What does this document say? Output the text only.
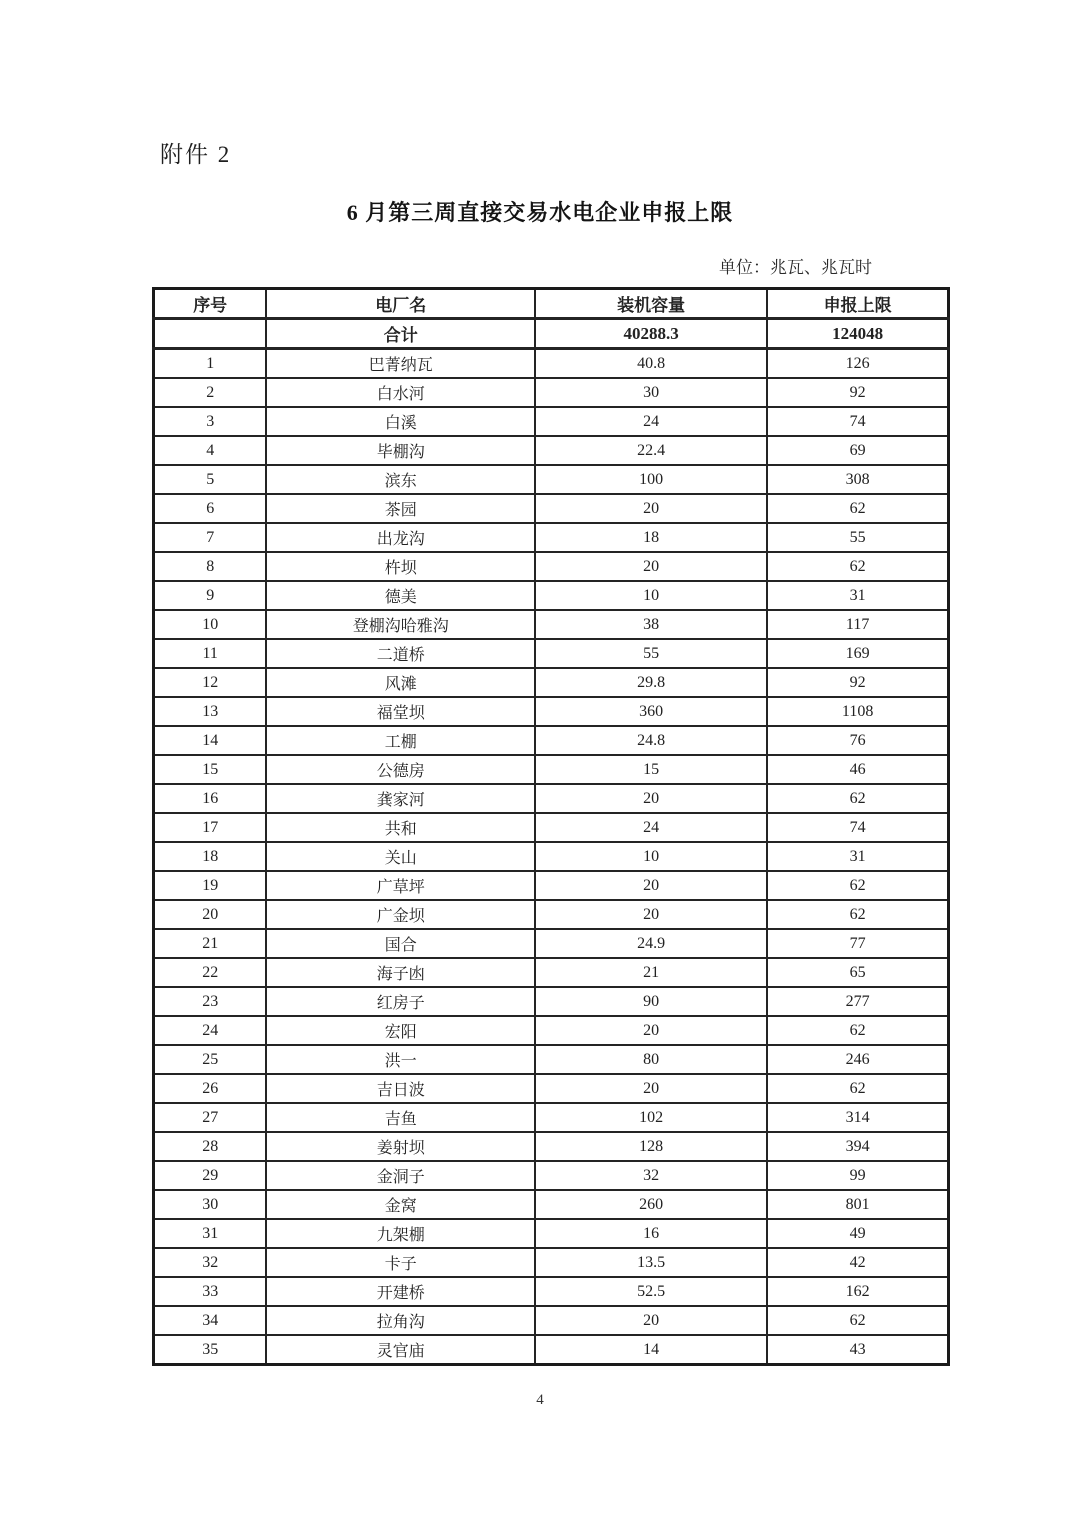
附件 2
6 月第三周直接交易水电企业申报上限
单位：兆瓦、兆瓦时
序号	电厂名	装机容量	申报上限
	合计	40288.3	124048
1	巴菁纳瓦	40.8	126
2	白水河	30	92
3	白溪	24	74
4	毕棚沟	22.4	69
5	滨东	100	308
6	茶园	20	62
7	出龙沟	18	55
8	杵坝	20	62
9	德美	10	31
10	登棚沟哈雅沟	38	117
11	二道桥	55	169
12	风滩	29.8	92
13	福堂坝	360	1108
14	工棚	24.8	76
15	公德房	15	46
16	龚家河	20	62
17	共和	24	74
18	关山	10	31
19	广草坪	20	62
20	广金坝	20	62
21	国合	24.9	77
22	海子凼	21	65
23	红房子	90	277
24	宏阳	20	62
25	洪一	80	246
26	吉日波	20	62
27	吉鱼	102	314
28	姜射坝	128	394
29	金洞子	32	99
30	金窝	260	801
31	九架棚	16	49
32	卡子	13.5	42
33	开建桥	52.5	162
34	拉角沟	20	62
35	灵官庙	14	43
4
